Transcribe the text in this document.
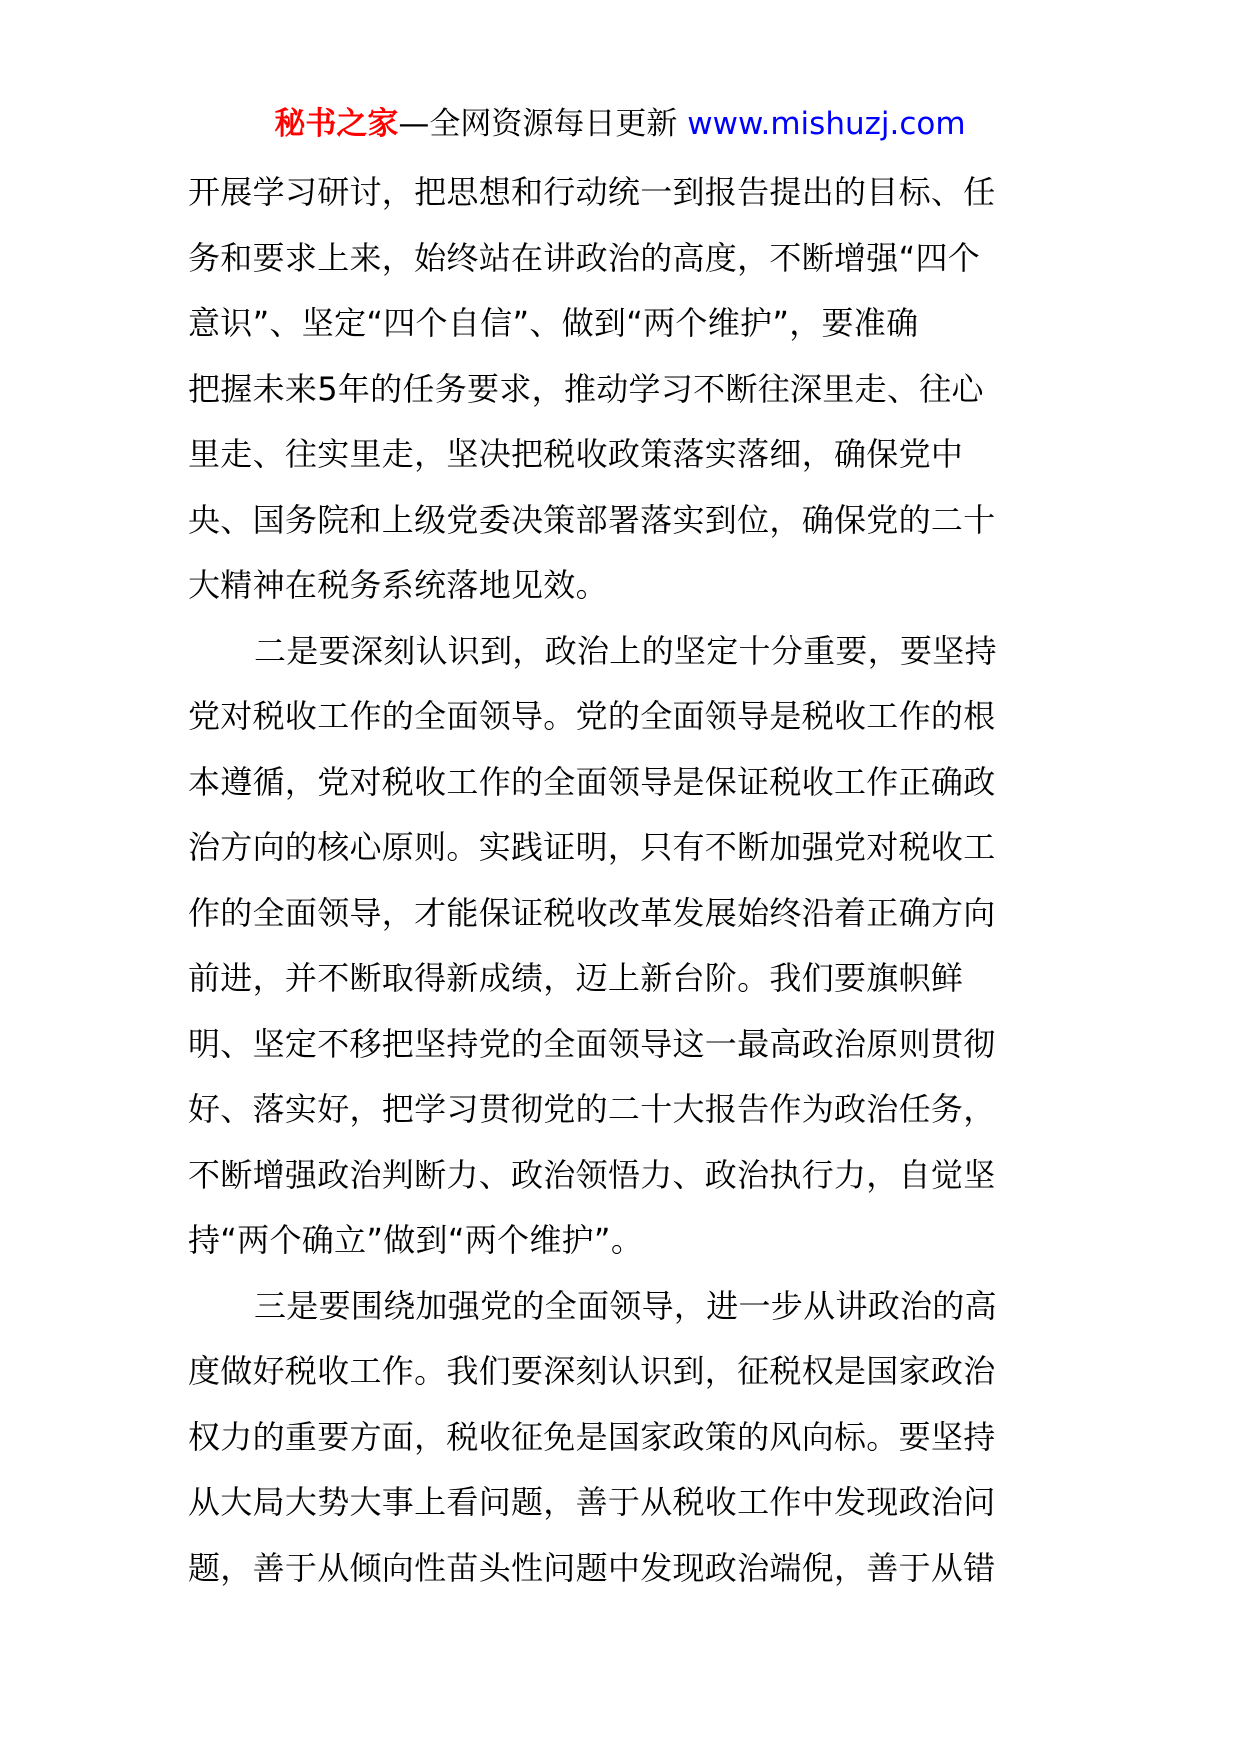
秘书之家—全网资源每日更新 www.mishuzj.com
开展学习研讨，把思想和行动统一到报告提出的目标、任
务和要求上来，始终站在讲政治的高度，不断增强“四个
意识”、坚定“四个自信”、做到“两个维护”，要准确
把握未来5年的任务要求，推动学习不断往深里走、往心
里走、往实里走，坚决把税收政策落实落细，确保党中
央、国务院和上级党委决策部署落实到位，确保党的二十
大精神在税务系统落地见效。
二是要深刻认识到，政治上的坚定十分重要，要坚持
党对税收工作的全面领导。党的全面领导是税收工作的根
本遵循，党对税收工作的全面领导是保证税收工作正确政
治方向的核心原则。实践证明，只有不断加强党对税收工
作的全面领导，才能保证税收改革发展始终沿着正确方向
前进，并不断取得新成绩，迈上新台阶。我们要旗帜鲜
明、坚定不移把坚持党的全面领导这一最高政治原则贯彻
好、落实好，把学习贯彻党的二十大报告作为政治任务，
不断增强政治判断力、政治领悟力、政治执行力，自觉坚
持“两个确立”做到“两个维护”。
三是要围绕加强党的全面领导，进一步从讲政治的高
度做好税收工作。我们要深刻认识到，征税权是国家政治
权力的重要方面，税收征免是国家政策的风向标。要坚持
从大局大势大事上看问题，善于从税收工作中发现政治问
题，善于从倾向性苗头性问题中发现政治端倪，善于从错
